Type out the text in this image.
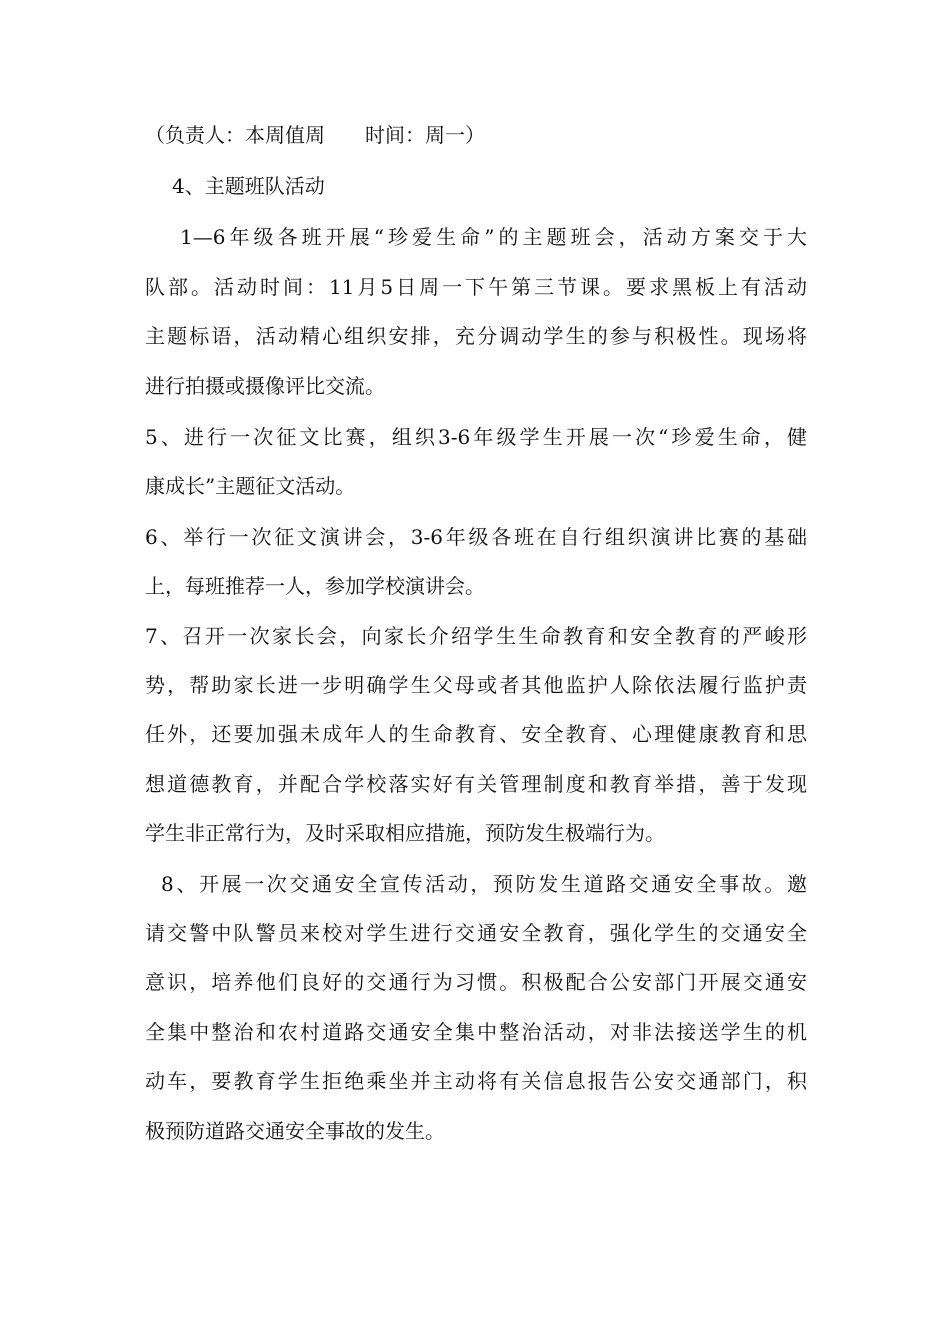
（负责人：本周值周　　时间：周一）
4、主题班队活动
1—6年级各班开展“珍爱生命”的主题班会，活动方案交于大
队部。活动时间：11月5日周一下午第三节课。要求黑板上有活动
主题标语，活动精心组织安排，充分调动学生的参与积极性。现场将
进行拍摄或摄像评比交流。
5、进行一次征文比赛，组织3-6年级学生开展一次“珍爱生命，健
康成长”主题征文活动。
6、举行一次征文演讲会，3-6年级各班在自行组织演讲比赛的基础
上，每班推荐一人，参加学校演讲会。
7、召开一次家长会，向家长介绍学生生命教育和安全教育的严峻形
势，帮助家长进一步明确学生父母或者其他监护人除依法履行监护责
任外，还要加强未成年人的生命教育、安全教育、心理健康教育和思
想道德教育，并配合学校落实好有关管理制度和教育举措，善于发现
学生非正常行为，及时采取相应措施，预防发生极端行为。
8、开展一次交通安全宣传活动，预防发生道路交通安全事故。邀
请交警中队警员来校对学生进行交通安全教育，强化学生的交通安全
意识，培养他们良好的交通行为习惯。积极配合公安部门开展交通安
全集中整治和农村道路交通安全集中整治活动，对非法接送学生的机
动车，要教育学生拒绝乘坐并主动将有关信息报告公安交通部门，积
极预防道路交通安全事故的发生。
